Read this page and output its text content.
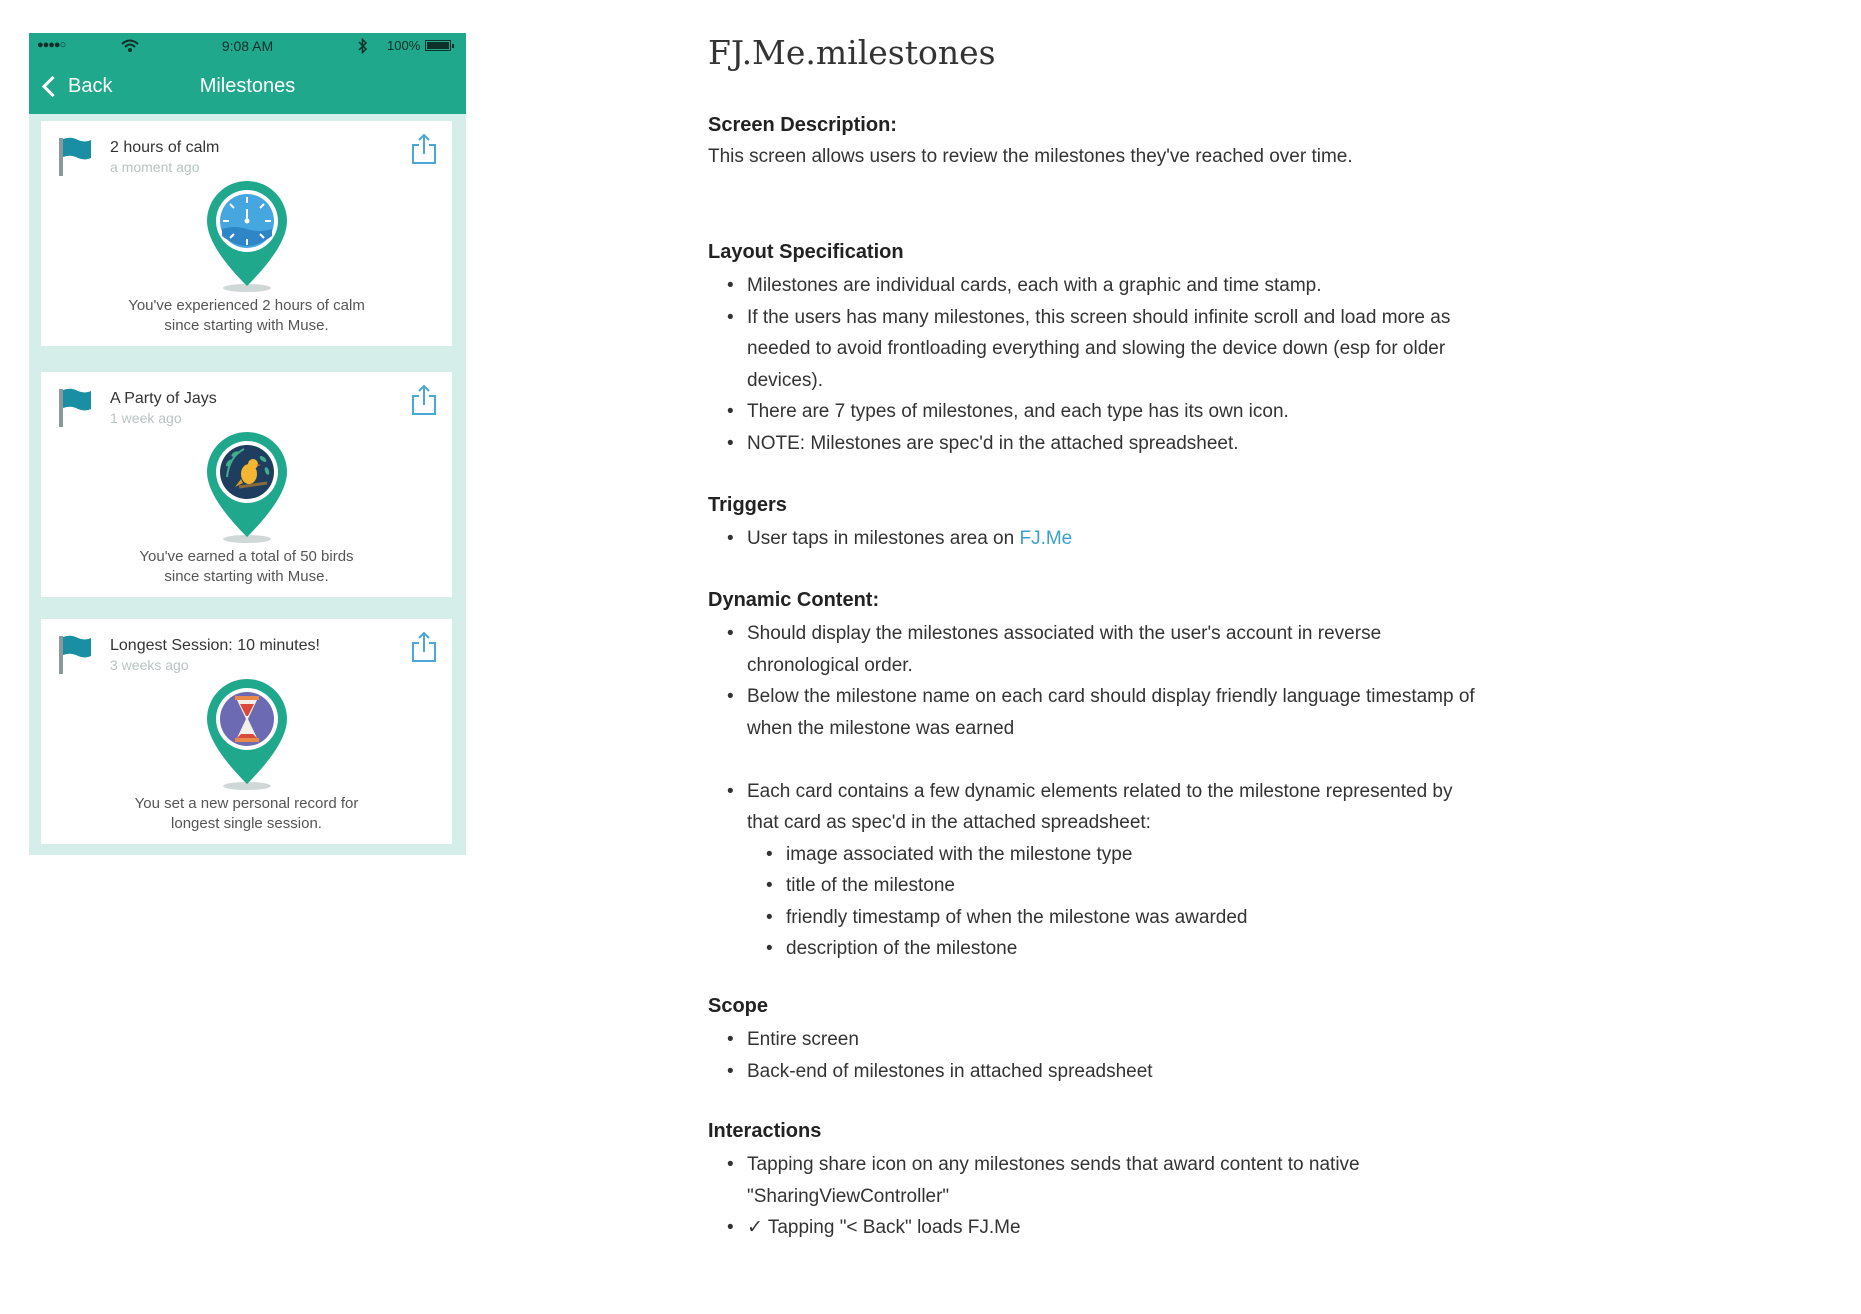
●●●●○	9:08 AM	100%
Back	Milestones
2 hours of calm
a moment ago
You've experienced 2 hours of calm
since starting with Muse.
A Party of Jays
1 week ago
You've earned a total of 50 birds
since starting with Muse.
Longest Session: 10 minutes!
3 weeks ago
You set a new personal record for
longest single session.
FJ.Me.milestones
Screen Description:
This screen allows users to review the milestones they've reached over time.
Layout Specification
• Milestones are individual cards, each with a graphic and time stamp.
• If the users has many milestones, this screen should infinite scroll and load more as
needed to avoid frontloading everything and slowing the device down (esp for older
devices).
• There are 7 types of milestones, and each type has its own icon.
• NOTE: Milestones are spec'd in the attached spreadsheet.
Triggers
• User taps in milestones area on FJ.Me
Dynamic Content:
• Should display the milestones associated with the user's account in reverse
chronological order.
• Below the milestone name on each card should display friendly language timestamp of
when the milestone was earned
• Each card contains a few dynamic elements related to the milestone represented by
that card as spec'd in the attached spreadsheet:
• image associated with the milestone type
• title of the milestone
• friendly timestamp of when the milestone was awarded
• description of the milestone
Scope
• Entire screen
• Back-end of milestones in attached spreadsheet
Interactions
• Tapping share icon on any milestones sends that award content to native
"SharingViewController"
• ✓ Tapping "< Back" loads FJ.Me
